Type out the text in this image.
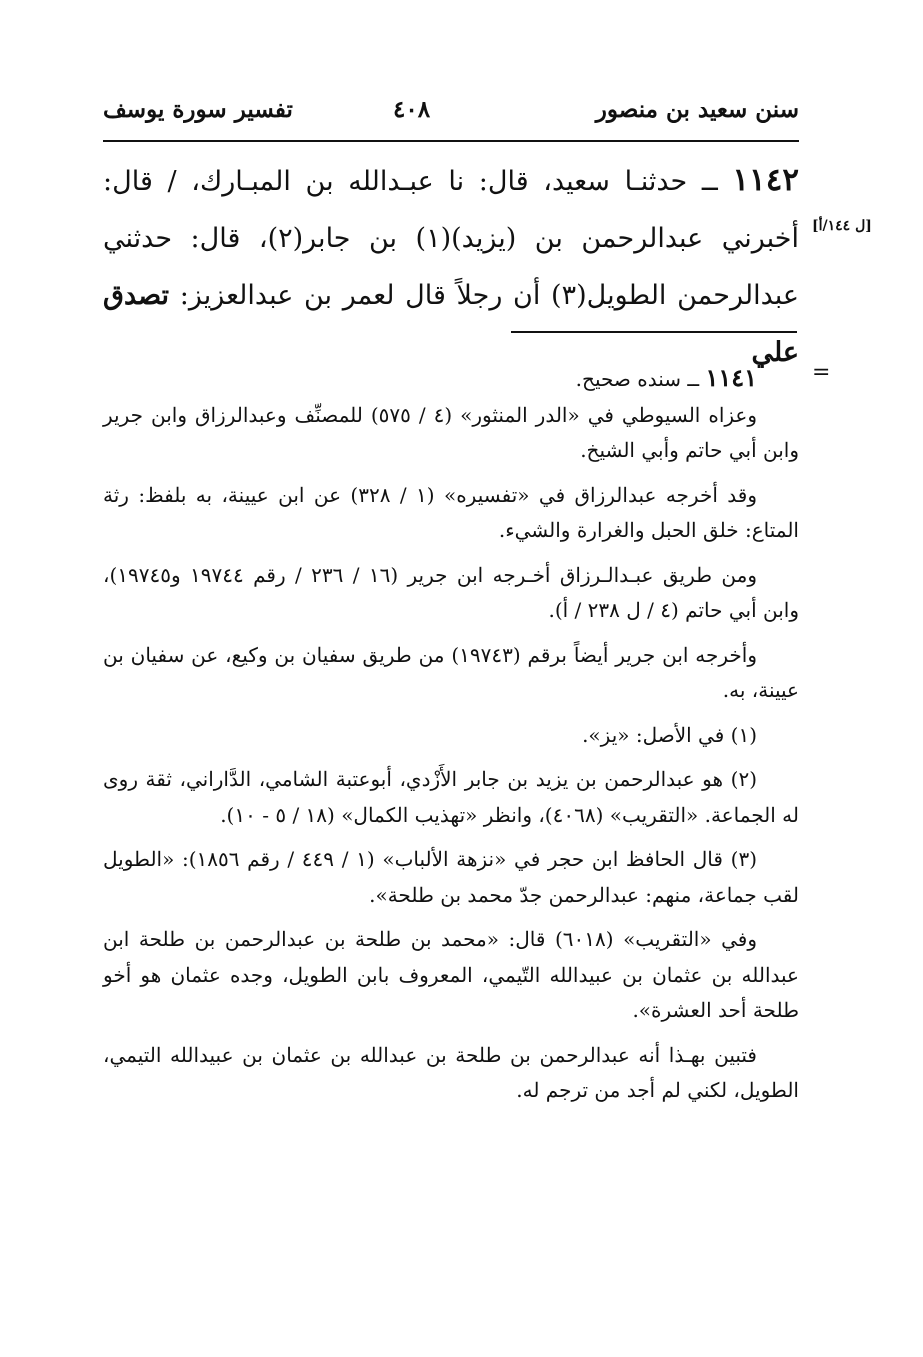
سنن سعيد بن منصور
٤٠٨
تفسير سورة يوسف
[ل ١٤٤/أ]
١١٤٢ ــ حدثنـا سعيد، قال: نا عبـدالله بن المبـارك، / قال: أخبرني عبدالرحمن بن (يزيد)(١) بن جابر(٢)، قال: حدثني عبدالرحمن الطويل(٣) أن رجلاً قال لعمر بن عبدالعزيز: تصدق علي
=

١١٤١ ــ سنده صحيح.

وعزاه السيوطي في «الدر المنثور» (٤ / ٥٧٥) للمصنِّف وعبدالرزاق وابن جرير وابن أبي حاتم وأبي الشيخ.

وقد أخرجه عبدالرزاق في «تفسيره» (١ / ٣٢٨) عن ابن عيينة، به بلفظ: رثة المتاع: خلق الحبل والغرارة والشيء.

ومن طريق عبـدالـرزاق أخـرجه ابن جرير (١٦ / ٢٣٦ / رقم ١٩٧٤٤ و١٩٧٤٥)، وابن أبي حاتم (٤ / ل ٢٣٨ / أ).

وأخرجه ابن جرير أيضاً برقم (١٩٧٤٣) من طريق سفيان بن وكيع، عن سفيان بن عيينة، به.

(١) في الأصل: «يز».

(٢) هو عبدالرحمن بن يزيد بن جابر الأَزْدي، أبوعتبة الشامي، الدَّاراني، ثقة روى له الجماعة. «التقريب» (٤٠٦٨)، وانظر «تهذيب الكمال» (١٨ / ٥ - ١٠).

(٣) قال الحافظ ابن حجر في «نزهة الألباب» (١ / ٤٤٩ / رقم ١٨٥٦): «الطويل لقب جماعة، منهم: عبدالرحمن جدّ محمد بن طلحة».

وفي «التقريب» (٦٠١٨) قال: «محمد بن طلحة بن عبدالرحمن بن طلحة ابن عبدالله بن عثمان بن عبيدالله التّيمي، المعروف بابن الطويل، وجده عثمان هو أخو طلحة أحد العشرة».

فتبين بهـذا أنه عبدالرحمن بن طلحة بن عبدالله بن عثمان بن عبيدالله التيمي، الطويل، لكني لم أجد من ترجم له.
